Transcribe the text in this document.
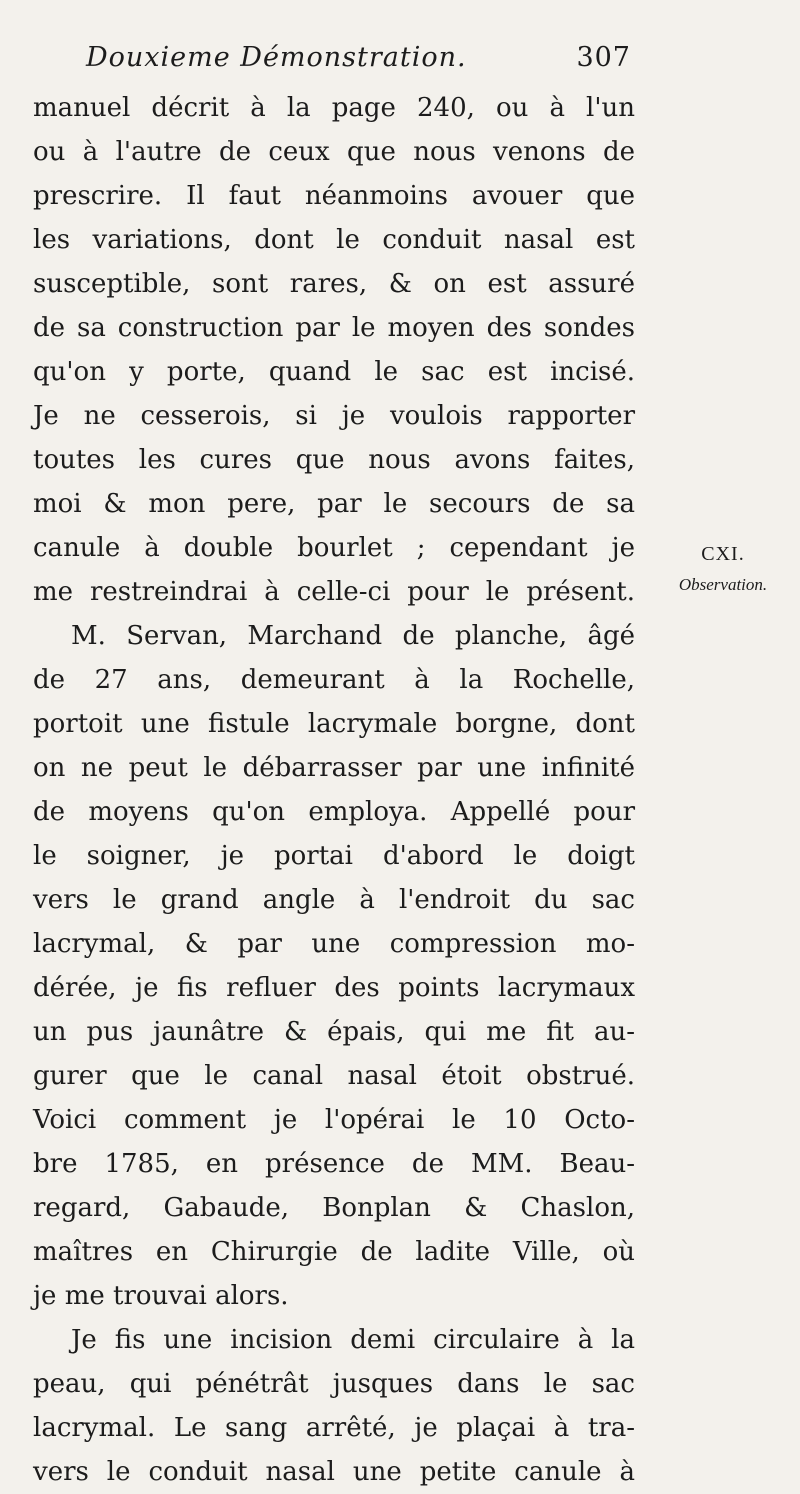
Douxieme Démonstration.	307
manuel décrit à la page 240, ou à l'un
ou à l'autre de ceux que nous venons de
prescrire. Il faut néanmoins avouer que
les variations, dont le conduit nasal est
susceptible, sont rares, & on est assuré
de sa construction par le moyen des sondes
qu'on y porte, quand le sac est incisé.
Je ne cesserois, si je voulois rapporter
toutes les cures que nous avons faites,
moi & mon pere, par le secours de sa
canule à double bourlet ; cependant je
me restreindrai à celle-ci pour le présent.
M. Servan, Marchand de planche, âgé
de 27 ans, demeurant à la Rochelle,
portoit une fistule lacrymale borgne, dont
on ne peut le débarrasser par une infinité
de moyens qu'on employa. Appellé pour
le soigner, je portai d'abord le doigt
vers le grand angle à l'endroit du sac
lacrymal, & par une compression mo-
dérée, je fis refluer des points lacrymaux
un pus jaunâtre & épais, qui me fit au-
gurer que le canal nasal étoit obstrué.
Voici comment je l'opérai le 10 Octo-
bre 1785, en présence de MM. Beau-
regard, Gabaude, Bonplan & Chaslon,
maîtres en Chirurgie de ladite Ville, où
je me trouvai alors.
Je fis une incision demi circulaire à la
peau, qui pénétrât jusques dans le sac
lacrymal. Le sang arrêté, je plaçai à tra-
vers le conduit nasal une petite canule à
CXI.
Observation.
